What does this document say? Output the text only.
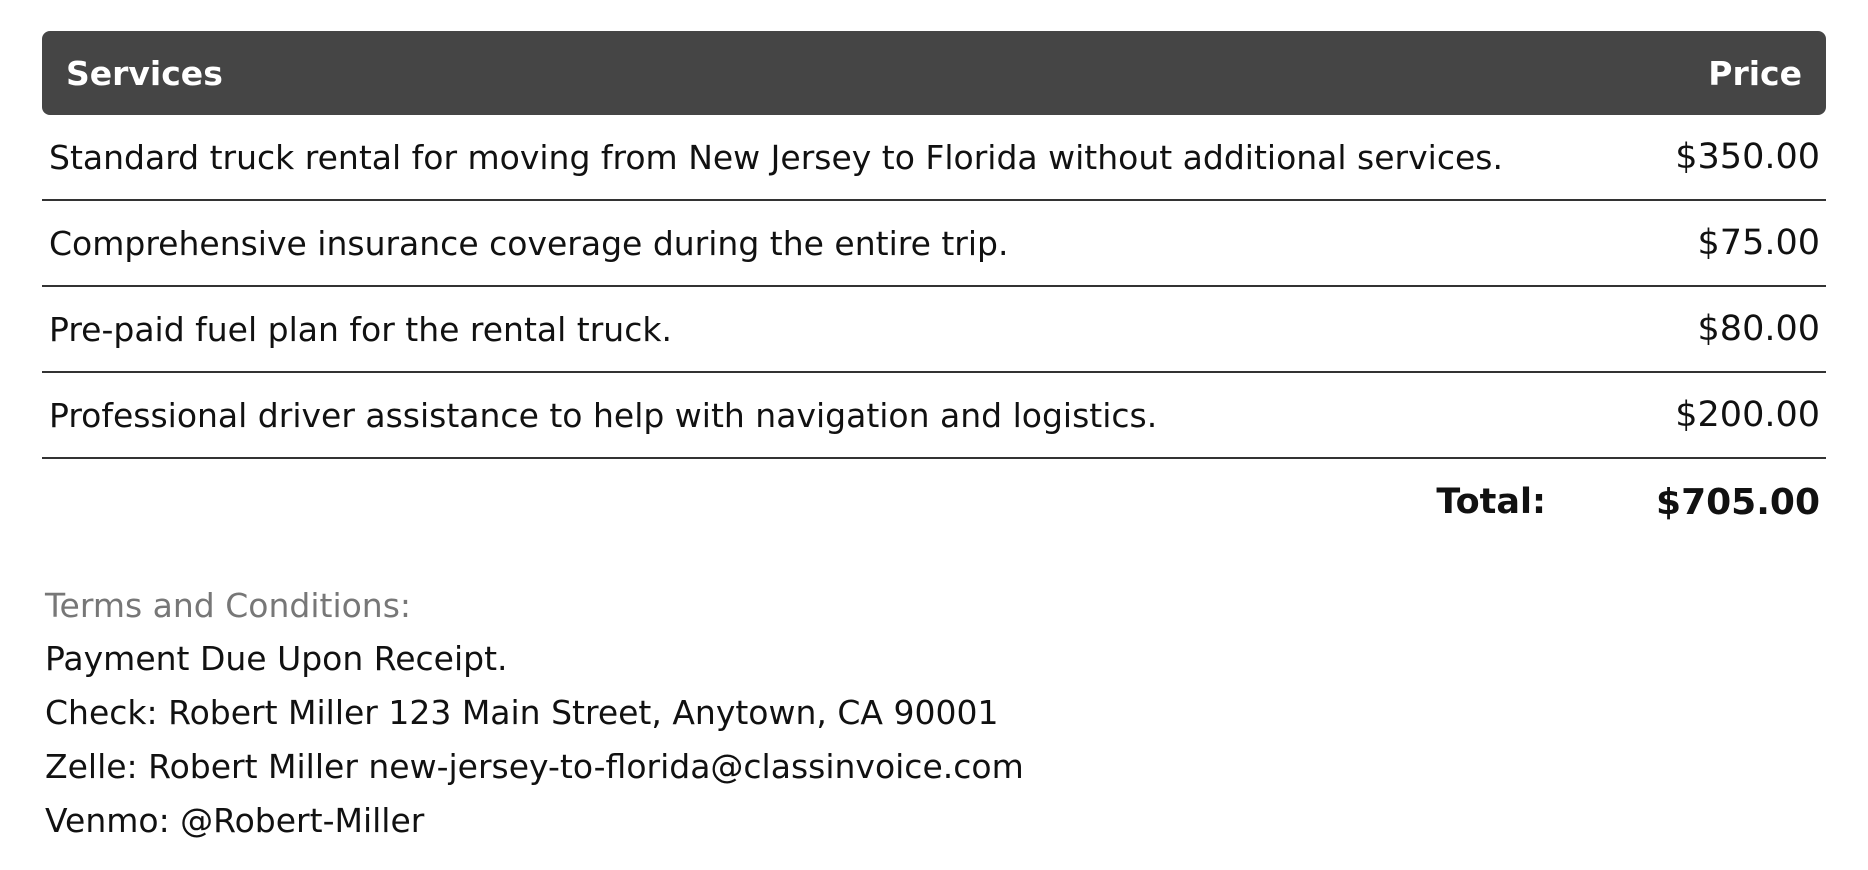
Services	Price
Standard truck rental for moving from New Jersey to Florida without additional services.	$350.00
Comprehensive insurance coverage during the entire trip.	$75.00
Pre-paid fuel plan for the rental truck.	$80.00
Professional driver assistance to help with navigation and logistics.	$200.00
Total:	$705.00
Terms and Conditions:
Payment Due Upon Receipt.
Check: Robert Miller 123 Main Street, Anytown, CA 90001
Zelle: Robert Miller new-jersey-to-florida@classinvoice.com
Venmo: @Robert-Miller
